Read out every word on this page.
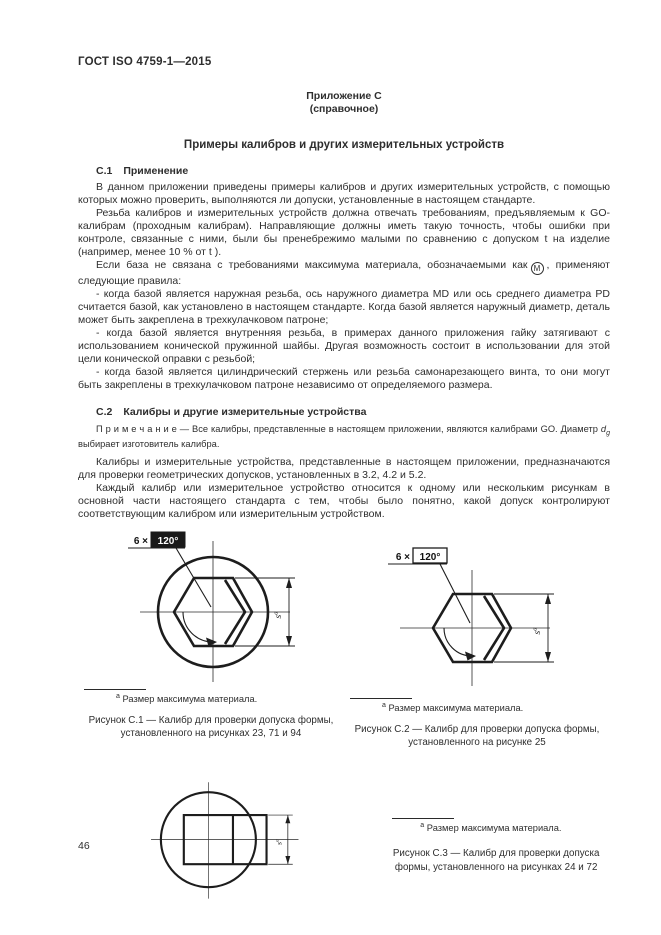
ГОСТ ISO 4759-1—2015
Приложение С
(справочное)
Примеры калибров и других измерительных устройств
С.1 Применение

В данном приложении приведены примеры калибров и других измерительных устройств, с помощью которых можно проверить, выполняются ли допуски, установленные в настоящем стандарте.

Резьба калибров и измерительных устройств должна отвечать требованиям, предъявляемым к GO-калибрам (проходным калибрам). Направляющие должны иметь такую точность, чтобы ошибки при контроле, связанные с ними, были бы пренебрежимо малыми по сравнению с допуском t на изделие (например, менее 10 % от t ).

Если база не связана с требованиями максимума материала, обозначаемыми как М , применяют следующие правила:

- когда базой является наружная резьба, ось наружного диаметра MD или ось среднего диаметра PD считается базой, как установлено в настоящем стандарте. Когда базой является наружный диаметр, деталь может быть закреплена в трехкулачковом патроне;

- когда базой является внутренняя резьба, в примерах данного приложения гайку затягивают с использованием конической пружинной шайбы. Другая возможность состоит в использовании для этой цели конической оправки с резьбой;

- когда базой является цилиндрический стержень или резьба самонарезающего винта, то они могут быть закреплены в трехкулачковом патроне независимо от определяемого размера.

С.2 Калибры и другие измерительные устройства

П р и м е ч а н и е — Все калибры, представленные в настоящем приложении, являются калибрами GO. Диаметр $d_g$ выбирает изготовитель калибра.

Калибры и измерительные устройства, представленные в настоящем приложении, предназначаются для проверки геометрических допусков, установленных в 3.2, 4.2 и 5.2.

Каждый калибр или измерительное устройство относится к одному или нескольким рисункам в основной части настоящего стандарта с тем, чтобы было понятно, какой допуск контролируют соответствующим калибром или измерительным устройством.

6 × 120°
$s^a$
$^a$ Размер максимума материала.
Рисунок С.1 — Калибр для проверки допуска формы, установленного на рисунках 23, 71 и 94
6 × 120°
$s^a$
$^a$ Размер максимума материала.
Рисунок С.2 — Калибр для проверки допуска формы, установленного на рисунке 25
$s^a$
$^a$ Размер максимума материала.
Рисунок С.3 — Калибр для проверки допуска формы, установленного на рисунках 24 и 72
46
